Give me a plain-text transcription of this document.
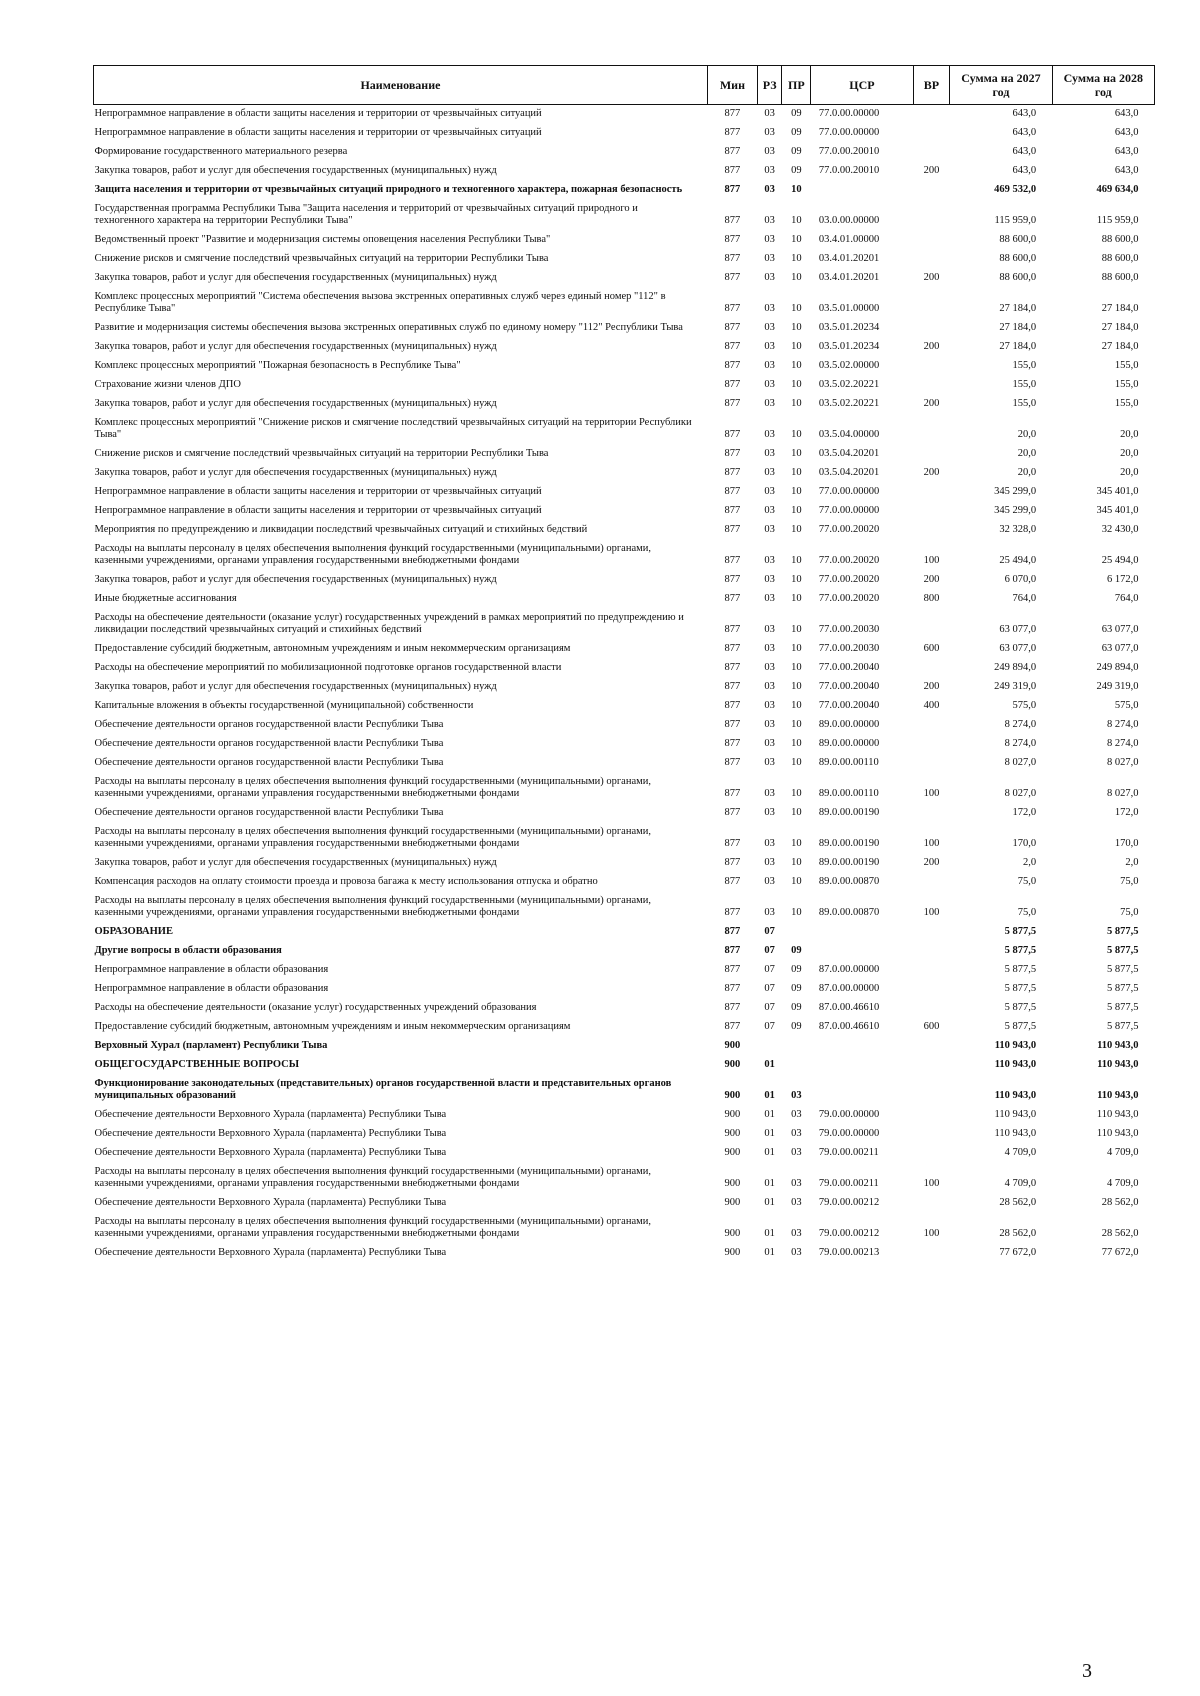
Наименование	Мин	РЗ	ПР	ЦСР	ВР	Сумма на 2027 год	Сумма на 2028 год
Непрограммное направление в области защиты населения и территории от чрезвычайных ситуаций	877	03	09	77.0.00.00000		643,0	643,0
Непрограммное направление в области защиты населения и территории от чрезвычайных ситуаций	877	03	09	77.0.00.00000		643,0	643,0
Формирование государственного материального резерва	877	03	09	77.0.00.20010		643,0	643,0
Закупка товаров, работ и услуг для обеспечения государственных (муниципальных) нужд	877	03	09	77.0.00.20010	200	643,0	643,0
Защита населения и территории от чрезвычайных ситуаций природного и техногенного характера, пожарная безопасность	877	03	10			469 532,0	469 634,0
Государственная программа Республики Тыва "Защита населения и территорий от чрезвычайных ситуаций природного и техногенного характера на территории Республики Тыва"	877	03	10	03.0.00.00000		115 959,0	115 959,0
Ведомственный проект "Развитие и модернизация системы оповещения населения Республики Тыва"	877	03	10	03.4.01.00000		88 600,0	88 600,0
Снижение рисков и смягчение последствий чрезвычайных ситуаций на территории Республики Тыва	877	03	10	03.4.01.20201		88 600,0	88 600,0
Закупка товаров, работ и услуг для обеспечения государственных (муниципальных) нужд	877	03	10	03.4.01.20201	200	88 600,0	88 600,0
Комплекс процессных мероприятий "Система обеспечения вызова экстренных оперативных служб через единый номер "112" в Республике Тыва"	877	03	10	03.5.01.00000		27 184,0	27 184,0
Развитие и модернизация системы обеспечения вызова экстренных оперативных служб по единому номеру "112" Республики Тыва	877	03	10	03.5.01.20234		27 184,0	27 184,0
Закупка товаров, работ и услуг для обеспечения государственных (муниципальных) нужд	877	03	10	03.5.01.20234	200	27 184,0	27 184,0
Комплекс процессных мероприятий "Пожарная безопасность в Республике Тыва"	877	03	10	03.5.02.00000		155,0	155,0
Страхование жизни членов ДПО	877	03	10	03.5.02.20221		155,0	155,0
Закупка товаров, работ и услуг для обеспечения государственных (муниципальных) нужд	877	03	10	03.5.02.20221	200	155,0	155,0
Комплекс процессных мероприятий "Снижение рисков и смягчение последствий чрезвычайных ситуаций на территории Республики Тыва"	877	03	10	03.5.04.00000		20,0	20,0
Снижение рисков и смягчение последствий чрезвычайных ситуаций на территории Республики Тыва	877	03	10	03.5.04.20201		20,0	20,0
Закупка товаров, работ и услуг для обеспечения государственных (муниципальных) нужд	877	03	10	03.5.04.20201	200	20,0	20,0
Непрограммное направление в области защиты населения и территории от чрезвычайных ситуаций	877	03	10	77.0.00.00000		345 299,0	345 401,0
Непрограммное направление в области защиты населения и территории от чрезвычайных ситуаций	877	03	10	77.0.00.00000		345 299,0	345 401,0
Мероприятия по предупреждению и ликвидации последствий чрезвычайных ситуаций и стихийных бедствий	877	03	10	77.0.00.20020		32 328,0	32 430,0
Расходы на выплаты персоналу в целях обеспечения выполнения функций государственными (муниципальными) органами, казенными учреждениями, органами управления государственными внебюджетными фондами	877	03	10	77.0.00.20020	100	25 494,0	25 494,0
Закупка товаров, работ и услуг для обеспечения государственных (муниципальных) нужд	877	03	10	77.0.00.20020	200	6 070,0	6 172,0
Иные бюджетные ассигнования	877	03	10	77.0.00.20020	800	764,0	764,0
Расходы на обеспечение деятельности (оказание услуг) государственных учреждений в рамках мероприятий по предупреждению и ликвидации последствий чрезвычайных ситуаций и стихийных бедствий	877	03	10	77.0.00.20030		63 077,0	63 077,0
Предоставление субсидий бюджетным, автономным учреждениям и иным некоммерческим организациям	877	03	10	77.0.00.20030	600	63 077,0	63 077,0
Расходы на обеспечение мероприятий по мобилизационной подготовке органов государственной власти	877	03	10	77.0.00.20040		249 894,0	249 894,0
Закупка товаров, работ и услуг для обеспечения государственных (муниципальных) нужд	877	03	10	77.0.00.20040	200	249 319,0	249 319,0
Капитальные вложения в объекты государственной (муниципальной) собственности	877	03	10	77.0.00.20040	400	575,0	575,0
Обеспечение деятельности органов государственной власти Республики Тыва	877	03	10	89.0.00.00000		8 274,0	8 274,0
Обеспечение деятельности органов государственной власти Республики Тыва	877	03	10	89.0.00.00000		8 274,0	8 274,0
Обеспечение деятельности органов государственной власти Республики Тыва	877	03	10	89.0.00.00110		8 027,0	8 027,0
Расходы на выплаты персоналу в целях обеспечения выполнения функций государственными (муниципальными) органами, казенными учреждениями, органами управления государственными внебюджетными фондами	877	03	10	89.0.00.00110	100	8 027,0	8 027,0
Обеспечение деятельности органов государственной власти Республики Тыва	877	03	10	89.0.00.00190		172,0	172,0
Расходы на выплаты персоналу в целях обеспечения выполнения функций государственными (муниципальными) органами, казенными учреждениями, органами управления государственными внебюджетными фондами	877	03	10	89.0.00.00190	100	170,0	170,0
Закупка товаров, работ и услуг для обеспечения государственных (муниципальных) нужд	877	03	10	89.0.00.00190	200	2,0	2,0
Компенсация расходов на оплату стоимости проезда и провоза багажа к месту использования отпуска и обратно	877	03	10	89.0.00.00870		75,0	75,0
Расходы на выплаты персоналу в целях обеспечения выполнения функций государственными (муниципальными) органами, казенными учреждениями, органами управления государственными внебюджетными фондами	877	03	10	89.0.00.00870	100	75,0	75,0
ОБРАЗОВАНИЕ	877	07				5 877,5	5 877,5
Другие вопросы в области образования	877	07	09			5 877,5	5 877,5
Непрограммное направление в области образования	877	07	09	87.0.00.00000		5 877,5	5 877,5
Непрограммное направление в области образования	877	07	09	87.0.00.00000		5 877,5	5 877,5
Расходы на обеспечение деятельности (оказание услуг) государственных учреждений образования	877	07	09	87.0.00.46610		5 877,5	5 877,5
Предоставление субсидий бюджетным, автономным учреждениям и иным некоммерческим организациям	877	07	09	87.0.00.46610	600	5 877,5	5 877,5
Верховный Хурал (парламент) Республики Тыва	900					110 943,0	110 943,0
ОБЩЕГОСУДАРСТВЕННЫЕ ВОПРОСЫ	900	01				110 943,0	110 943,0
Функционирование законодательных (представительных) органов государственной власти и представительных органов муниципальных образований	900	01	03			110 943,0	110 943,0
Обеспечение деятельности Верховного Хурала (парламента) Республики Тыва	900	01	03	79.0.00.00000		110 943,0	110 943,0
Обеспечение деятельности Верховного Хурала (парламента) Республики Тыва	900	01	03	79.0.00.00000		110 943,0	110 943,0
Обеспечение деятельности Верховного Хурала (парламента) Республики Тыва	900	01	03	79.0.00.00211		4 709,0	4 709,0
Расходы на выплаты персоналу в целях обеспечения выполнения функций государственными (муниципальными) органами, казенными учреждениями, органами управления государственными внебюджетными фондами	900	01	03	79.0.00.00211	100	4 709,0	4 709,0
Обеспечение деятельности Верховного Хурала (парламента) Республики Тыва	900	01	03	79.0.00.00212		28 562,0	28 562,0
Расходы на выплаты персоналу в целях обеспечения выполнения функций государственными (муниципальными) органами, казенными учреждениями, органами управления государственными внебюджетными фондами	900	01	03	79.0.00.00212	100	28 562,0	28 562,0
Обеспечение деятельности Верховного Хурала (парламента) Республики Тыва	900	01	03	79.0.00.00213		77 672,0	77 672,0
3
